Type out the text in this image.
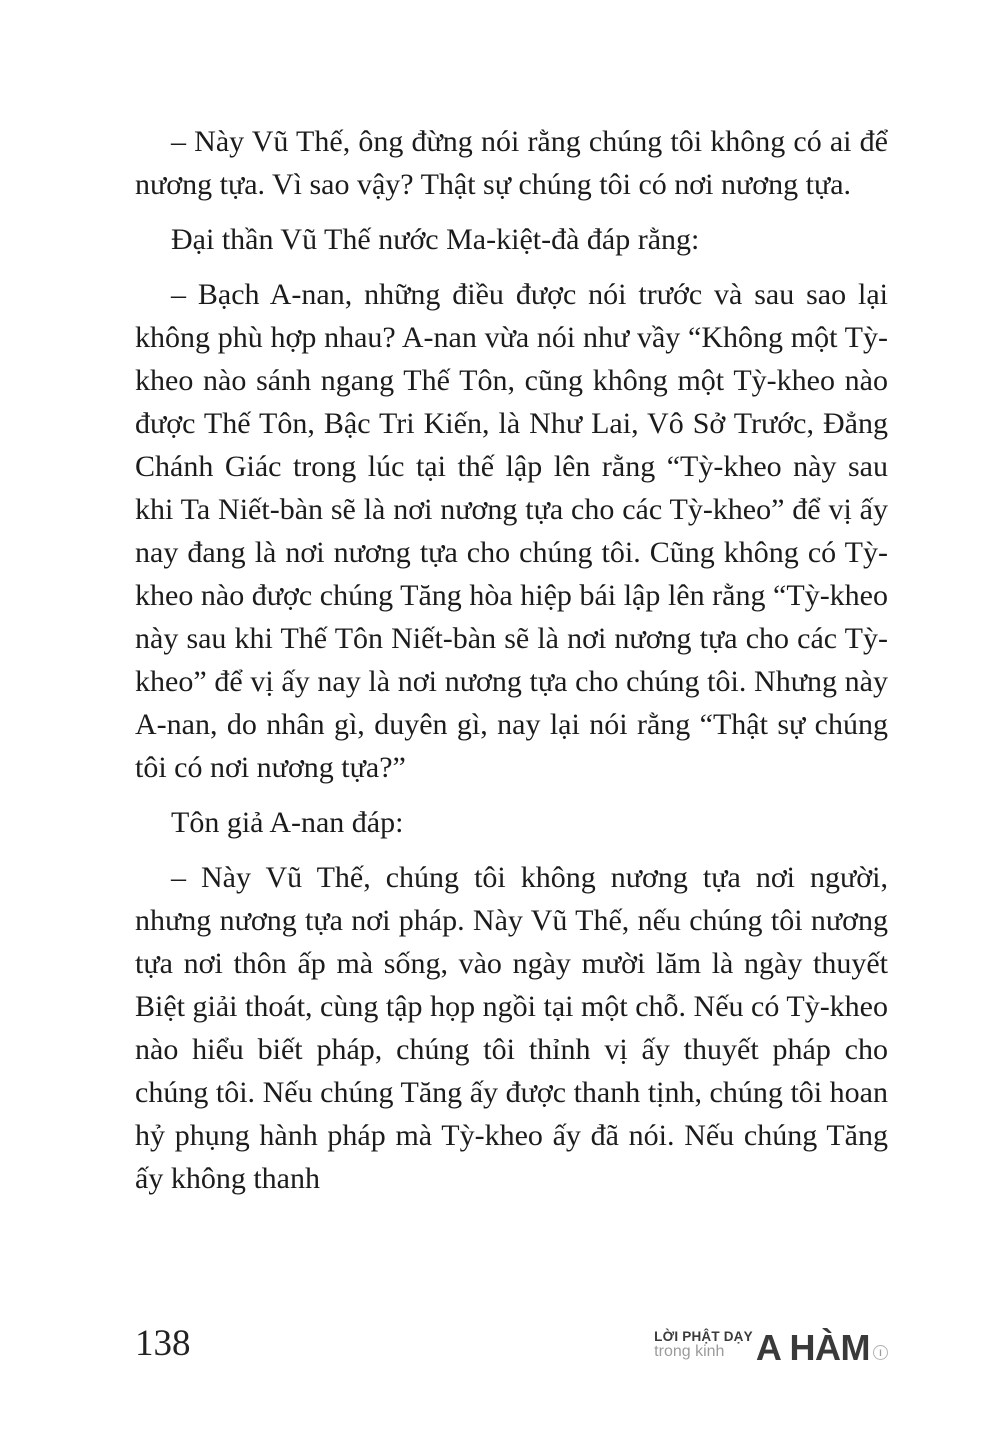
– Này Vũ Thế, ông đừng nói rằng chúng tôi không có ai để nương tựa. Vì sao vậy? Thật sự chúng tôi có nơi nương tựa.

Đại thần Vũ Thế nước Ma-kiệt-đà đáp rằng:

– Bạch A-nan, những điều được nói trước và sau sao lại không phù hợp nhau? A-nan vừa nói như vầy “Không một Tỳ-kheo nào sánh ngang Thế Tôn, cũng không một Tỳ-kheo nào được Thế Tôn, Bậc Tri Kiến, là Như Lai, Vô Sở Trước, Đẳng Chánh Giác trong lúc tại thế lập lên rằng “Tỳ-kheo này sau khi Ta Niết-bàn sẽ là nơi nương tựa cho các Tỳ-kheo” để vị ấy nay đang là nơi nương tựa cho chúng tôi. Cũng không có Tỳ-kheo nào được chúng Tăng hòa hiệp bái lập lên rằng “Tỳ-kheo này sau khi Thế Tôn Niết-bàn sẽ là nơi nương tựa cho các Tỳ-kheo” để vị ấy nay là nơi nương tựa cho chúng tôi. Nhưng này A-nan, do nhân gì, duyên gì, nay lại nói rằng “Thật sự chúng tôi có nơi nương tựa?”

Tôn giả A-nan đáp:

– Này Vũ Thế, chúng tôi không nương tựa nơi người, nhưng nương tựa nơi pháp. Này Vũ Thế, nếu chúng tôi nương tựa nơi thôn ấp mà sống, vào ngày mười lăm là ngày thuyết Biệt giải thoát, cùng tập họp ngồi tại một chỗ. Nếu có Tỳ-kheo nào hiểu biết pháp, chúng tôi thỉnh vị ấy thuyết pháp cho chúng tôi. Nếu chúng Tăng ấy được thanh tịnh, chúng tôi hoan hỷ phụng hành pháp mà Tỳ-kheo ấy đã nói. Nếu chúng Tăng ấy không thanh

138	LỜI PHẬT DẠY
trong kinh A HÀM	I
